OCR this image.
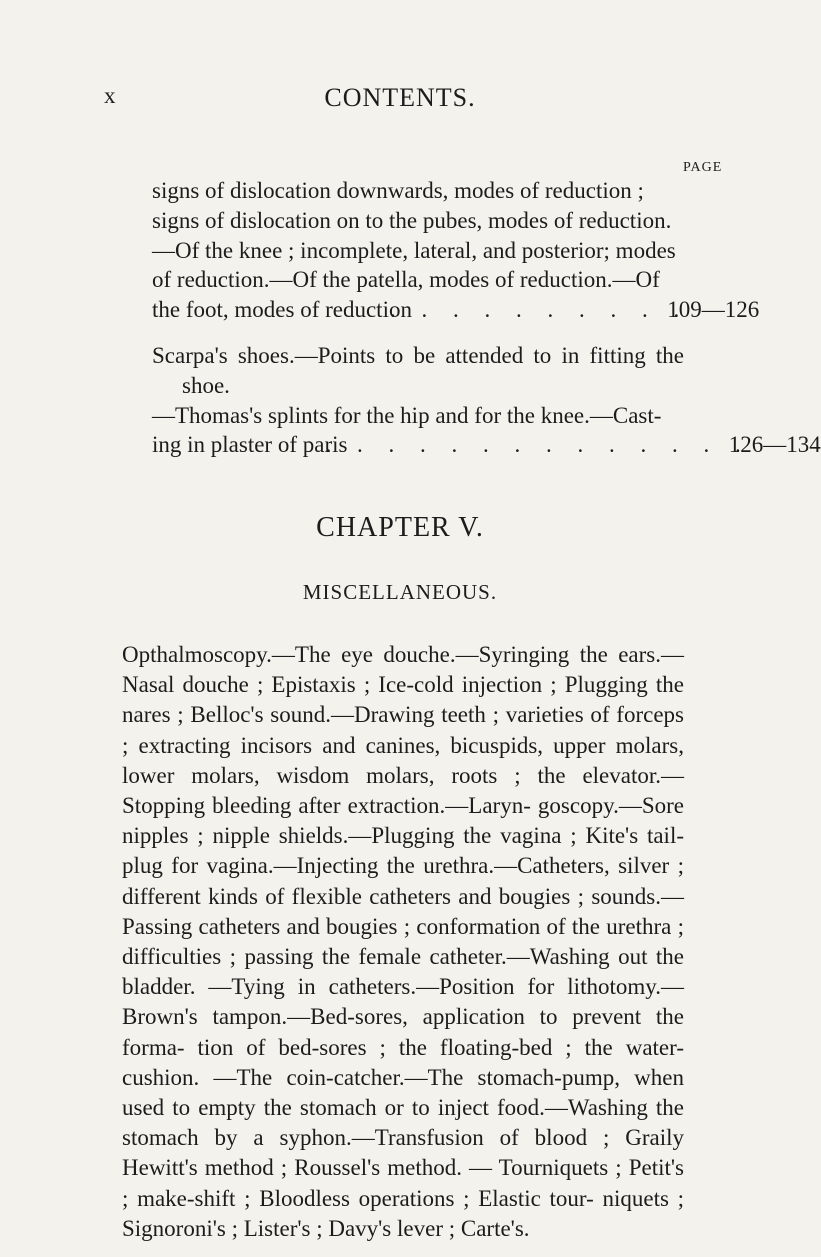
x	CONTENTS.
PAGE
signs of dislocation downwards, modes of reduction ;
signs of dislocation on to the pubes, modes of reduction.
—Of the knee ; incomplete, lateral, and posterior; modes
of reduction.—Of the patella, modes of reduction.—Of
the foot, modes of reduction
. . . . . . . . . .
109—126
Scarpa's shoes.—Points to be attended to in fitting the shoe.
—Thomas's splints for the hip and for the knee.—Cast-
ing in plaster of paris
. . . . . . . . . . . . . .
126—134
CHAPTER V.
MISCELLANEOUS.

Opthalmoscopy.—The eye douche.—Syringing the ears.— Nasal douche ; Epistaxis ; Ice-cold injection ; Plugging the nares ; Belloc's sound.—Drawing teeth ; varieties of forceps ; extracting incisors and canines, bicuspids, upper molars, lower molars, wisdom molars, roots ; the elevator.—Stopping bleeding after extraction.—Laryn- goscopy.—Sore nipples ; nipple shields.—Plugging the vagina ; Kite's tail-plug for vagina.—Injecting the urethra.—Catheters, silver ; different kinds of flexible catheters and bougies ; sounds.—Passing catheters and bougies ; conformation of the urethra ; difficulties ; passing the female catheter.—Washing out the bladder. —Tying in catheters.—Position for lithotomy.—Brown's tampon.—Bed-sores, application to prevent the forma- tion of bed-sores ; the floating-bed ; the water-cushion. —The coin-catcher.—The stomach-pump, when used to empty the stomach or to inject food.—Washing the stomach by a syphon.—Transfusion of blood ; Graily Hewitt's method ; Roussel's method. — Tourniquets ; Petit's ; make-shift ; Bloodless operations ; Elastic tour- niquets ; Signoroni's ; Lister's ; Davy's lever ; Carte's.
